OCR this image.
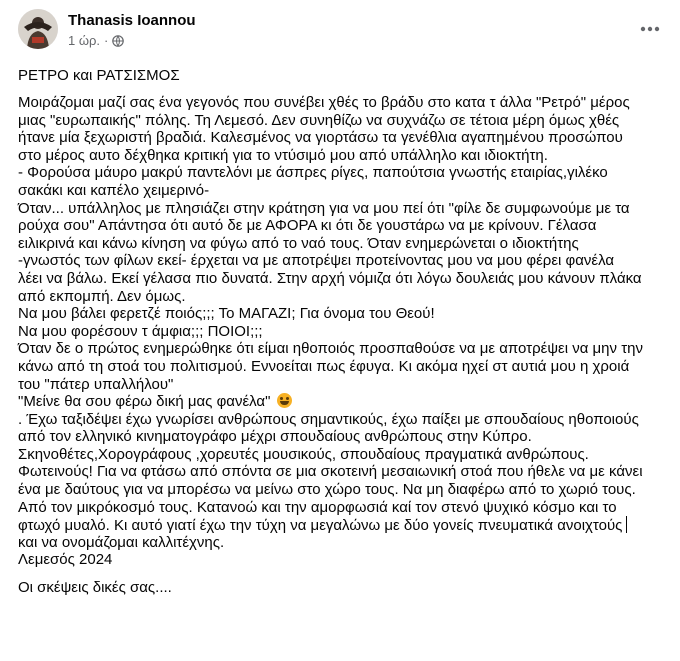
Thanasis Ioannou
1 ώρ. ·
ΡΕΤΡΟ και ΡΑΤΣΙΣΜΟΣ
Μοιράζομαι μαζί σας ένα γεγονός που συνέβει χθές το βράδυ στο κατα τ άλλα "Ρετρό" μέρος
μιας "ευρωπαικής" πόλης. Τη Λεμεσό. Δεν συνηθίζω να συχνάζω σε τέτοια μέρη όμως χθές
ήτανε μία ξεχωριστή βραδιά. Καλεσμένος να γιορτάσω τα γενέθλια αγαπημένου προσώπου
στο μέρος αυτο δέχθηκα κριτική για το ντύσιμό μου από υπάλληλο και ιδιοκτήτη.
- Φορούσα μάυρο μακρύ παντελόνι με άσπρες ρίγες, παπούτσια γνωστής εταιρίας,γιλέκο
σακάκι και καπέλο χειμερινό-
Όταν... υπάλληλος με πλησιάζει στην κράτηση για να μου πεί ότι "φίλε δε συμφωνούμε με τα
ρούχα σου" Απάντησα ότι αυτό δε με ΑΦΟΡΑ κι ότι δε γουστάρω να με κρίνουν. Γέλασα
ειλικρινά και κάνω κίνηση να φύγω από το ναό τους. Όταν ενημερώνεται ο ιδιοκτήτης
-γνωστός των φίλων εκεί- έρχεται να με αποτρέψει προτείνοντας μου να μου φέρει φανέλα
λέει να βάλω. Εκεί γέλασα πιο δυνατά. Στην αρχή νόμιζα ότι λόγω δουλειάς μου κάνουν πλάκα
από εκπομπή. Δεν όμως.
Να μου βάλει φερετζέ ποιός;;; Το ΜΑΓΑΖΙ; Για όνομα του Θεού!
Να μου φορέσουν τ άμφια;;; ΠΟΙΟΙ;;;
Όταν δε ο πρώτος ενημερώθηκε ότι είμαι ηθοποιός προσπαθούσε να με αποτρέψει να μην την
κάνω από τη στοά του πολιτισμού. Εννοείται πως έφυγα. Κι ακόμα ηχεί στ αυτιά μου η χροιά
του "πάτερ υπαλλήλου"
"Μείνε θα σου φέρω δική μας φανέλα"
. Έχω ταξιδέψει έχω γνωρίσει ανθρώπους σημαντικούς, έχω παίξει με σπουδαίους ηθοποιούς
από τον ελληνικό κινηματογράφο μέχρι σπουδαίους ανθρώπους στην Κύπρο.
Σκηνοθέτες,Χορογράφους ,χορευτές μουσικούς, σπουδαίους πραγματικά ανθρώπους.
Φωτεινούς! Για να φτάσω από σπόντα σε μια σκοτεινή μεσαιωνική στοά που ήθελε να με κάνει
ένα με δαύτους για να μπορέσω να μείνω στο χώρο τους. Να μη διαφέρω από το χωριό τους.
Από τον μικρόκοσμό τους. Κατανοώ και την αμορφωσιά καί τον στενό ψυχικό κόσμο και το
φτωχό μυαλό. Κι αυτό γιατί έχω την τύχη να μεγαλώνω με δύο γονείς πνευματικά ανοιχτούς
και να ονομάζομαι καλλιτέχνης.
Λεμεσός 2024
Οι σκέψεις δικές σας....
